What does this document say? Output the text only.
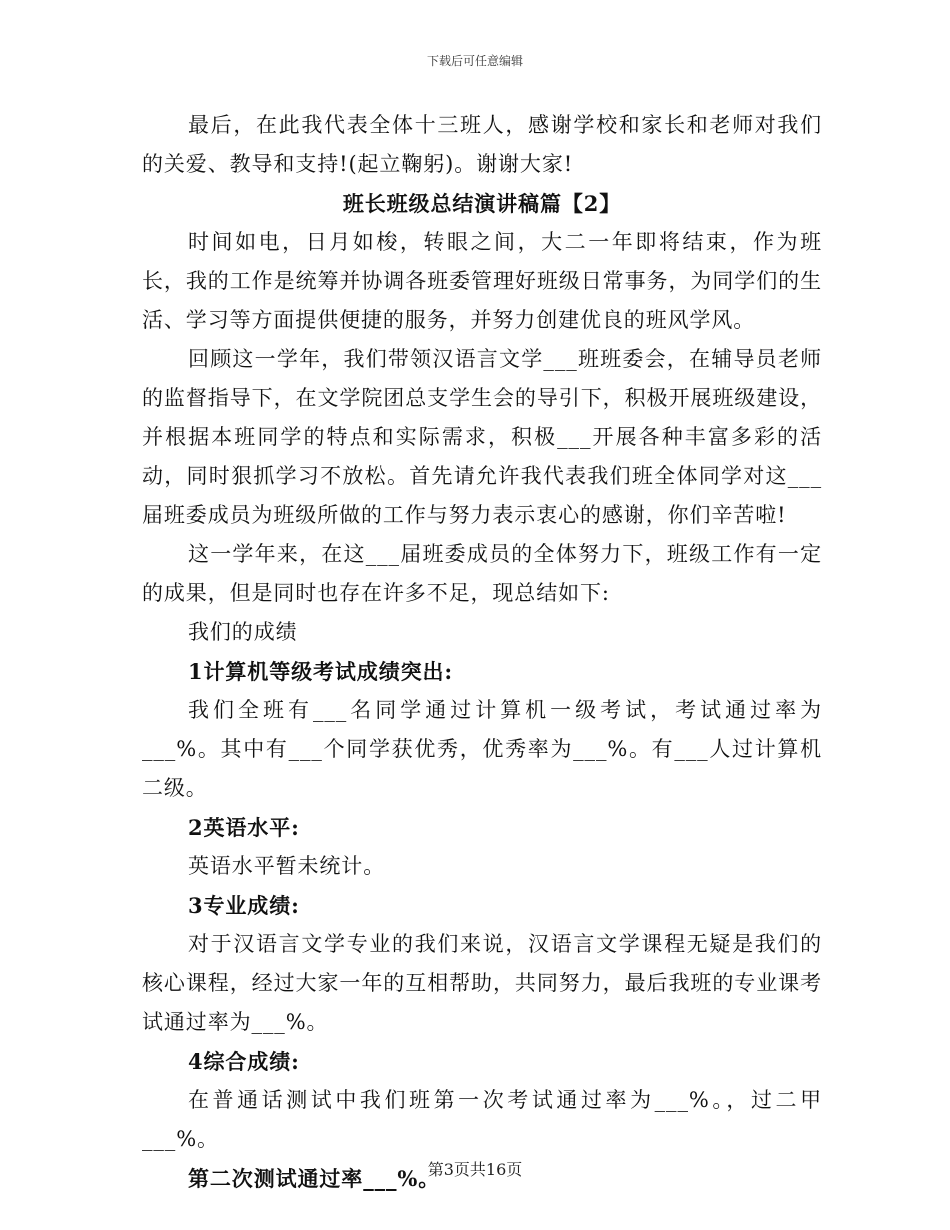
下载后可任意编辑

最后，在此我代表全体十三班人，感谢学校和家长和老师对我们的关爱、教导和支持!(起立鞠躬)。谢谢大家!

班长班级总结演讲稿篇【2】

时间如电，日月如梭，转眼之间，大二一年即将结束，作为班长，我的工作是统筹并协调各班委管理好班级日常事务，为同学们的生活、学习等方面提供便捷的服务，并努力创建优良的班风学风。

回顾这一学年，我们带领汉语言文学___班班委会，在辅导员老师的监督指导下，在文学院团总支学生会的导引下，积极开展班级建设，并根据本班同学的特点和实际需求，积极___开展各种丰富多彩的活动，同时狠抓学习不放松。首先请允许我代表我们班全体同学对这___届班委成员为班级所做的工作与努力表示衷心的感谢，你们辛苦啦!

这一学年来，在这___届班委成员的全体努力下，班级工作有一定的成果，但是同时也存在许多不足，现总结如下:

我们的成绩

1计算机等级考试成绩突出:

我们全班有___名同学通过计算机一级考试，考试通过率为___%。其中有___个同学获优秀，优秀率为___%。有___人过计算机二级。

2英语水平:

英语水平暂未统计。

3专业成绩:

对于汉语言文学专业的我们来说，汉语言文学课程无疑是我们的核心课程，经过大家一年的互相帮助，共同努力，最后我班的专业课考试通过率为___%。

4综合成绩:

在普通话测试中我们班第一次考试通过率为___%。，过二甲___%。

第二次测试通过率___%。

第3页共16页
